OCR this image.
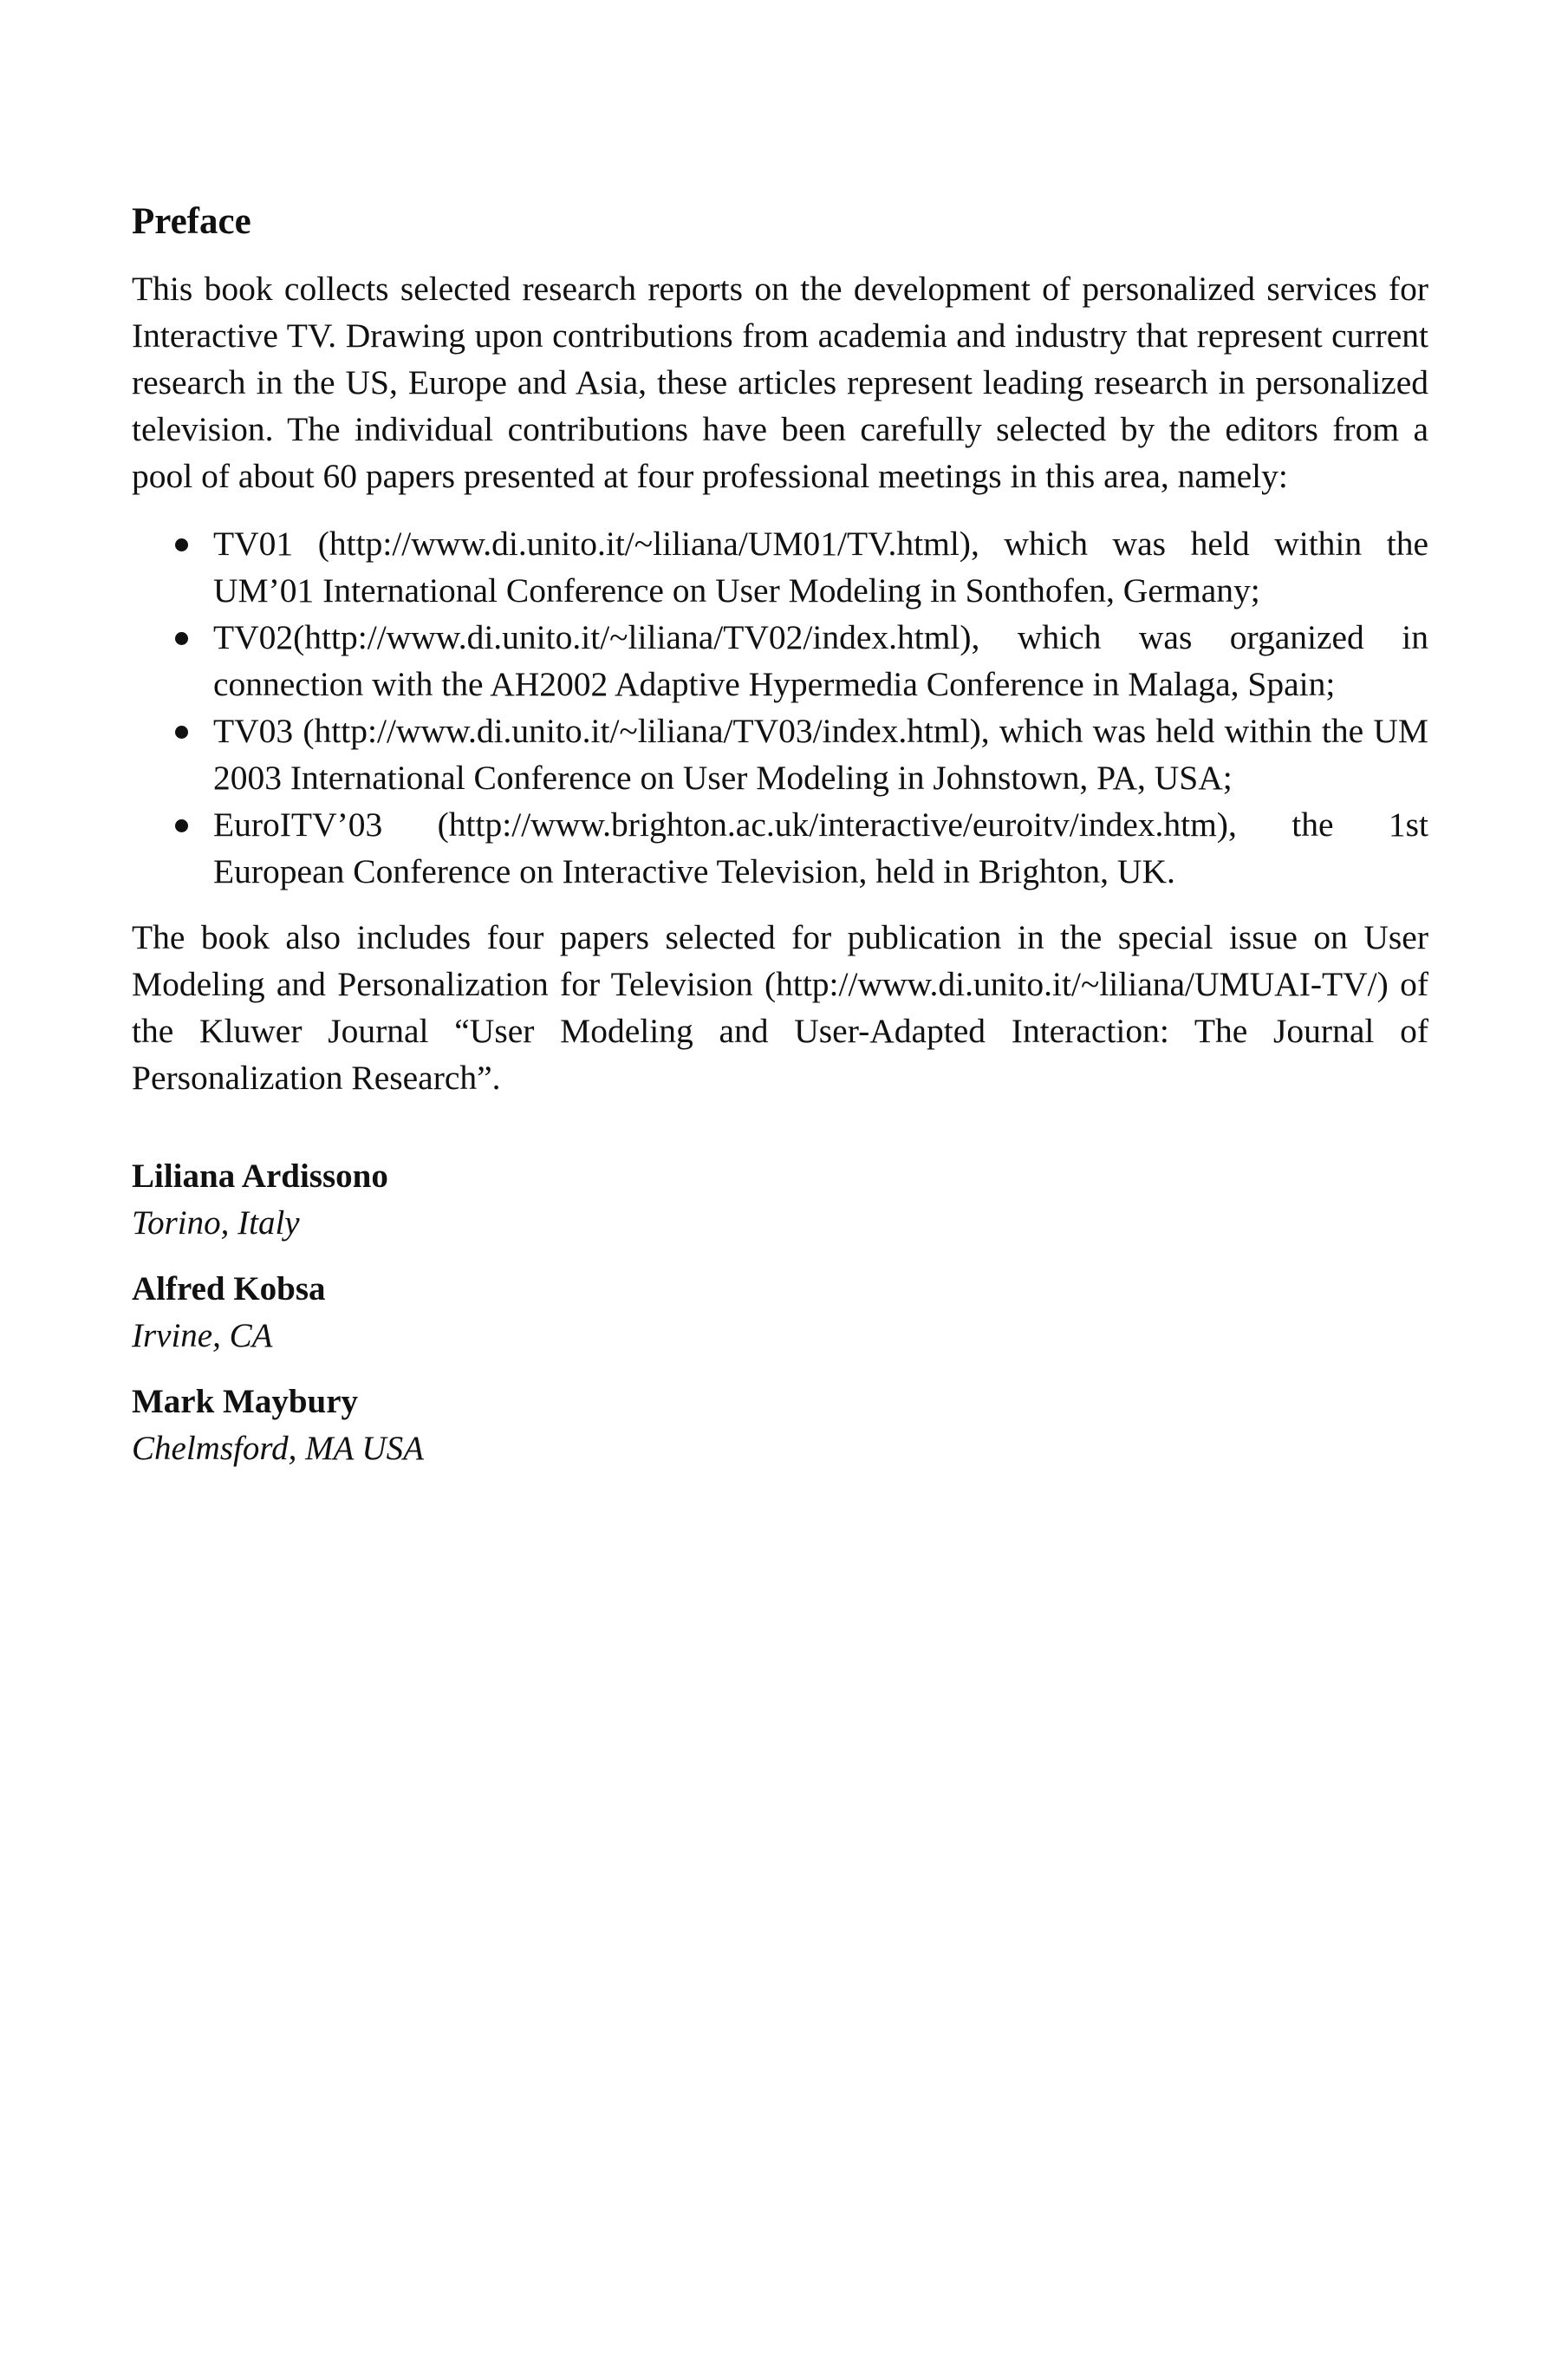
Preface

This book collects selected research reports on the development of personalized services for Interactive TV. Drawing upon contributions from academia and industry that represent current research in the US, Europe and Asia, these articles represent leading research in personalized television. The individual contributions have been carefully selected by the editors from a pool of about 60 papers presented at four professional meetings in this area, namely:

TV01 (http://www.di.unito.it/~liliana/UM01/TV.html), which was held within the UM’01 International Conference on User Modeling in Sonthofen, Germany;
TV02(http://www.di.unito.it/~liliana/TV02/index.html), which was organized in connection with the AH2002 Adaptive Hypermedia Conference in Malaga, Spain;
TV03 (http://www.di.unito.it/~liliana/TV03/index.html), which was held within the UM 2003 International Conference on User Modeling in Johnstown, PA, USA;
EuroITV’03 (http://www.brighton.ac.uk/interactive/euroitv/index.htm), the 1st European Conference on Interactive Television, held in Brighton, UK.

The book also includes four papers selected for publication in the special issue on User Modeling and Personalization for Television (http://www.di.unito.it/~liliana/UMUAI-TV/) of the Kluwer Journal “User Modeling and User-Adapted Interaction: The Journal of Personalization Research”.

Liliana Ardissono
Torino, Italy
Alfred Kobsa
Irvine, CA
Mark Maybury
Chelmsford, MA USA
